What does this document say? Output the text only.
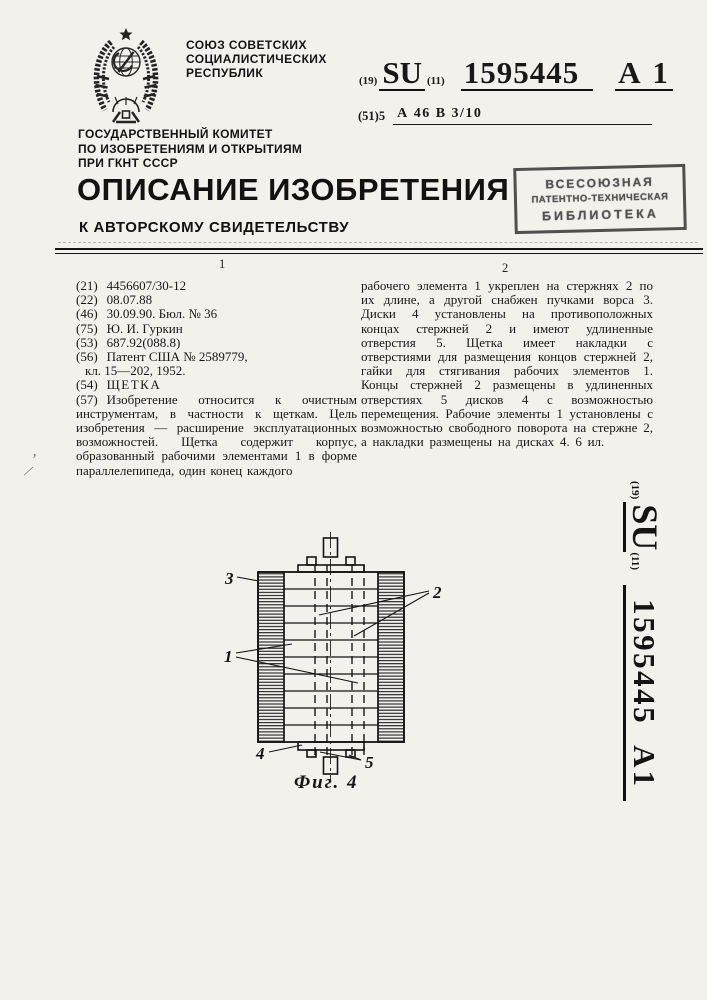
СОЮЗ СОВЕТСКИХ
СОЦИАЛИСТИЧЕСКИХ
РЕСПУБЛИК
ГОСУДАРСТВЕННЫЙ КОМИТЕТ
ПО ИЗОБРЕТЕНИЯМ И ОТКРЫТИЯМ
ПРИ ГКНТ СССР
(19) SU (11) 1595445	А 1
(51)5 А 46 В 3/10
ВСЕСОЮЗНАЯ
ПАТЕНТНО-ТЕХНИЧЕСКАЯ
БИБЛИОТЕКА
ОПИСАНИЕ ИЗОБРЕТЕНИЯ
К АВТОРСКОМУ СВИДЕТЕЛЬСТВУ
1	2
(21) 4456607/30-12
(22) 08.07.88
(46) 30.09.90. Бюл. № 36
(75) Ю. И. Гуркин
(53) 687.92(088.8)
(56) Патент США № 2589779,
кл. 15—202, 1952.
(54) ЩЕТКА

(57) Изобретение относится к очистным инструментам, в частности к щеткам. Цель изобретения — расширение эксплуатационных возможностей. Щетка содержит корпус, образованный рабочими элементами 1 в форме параллелепипеда, один конец каждого

рабочего элемента 1 укреплен на стержнях 2 по их длине, а другой снабжен пучками ворса 3. Диски 4 установлены на противоположных концах стержней 2 и имеют удлиненные отверстия 5. Щетка имеет накладки с отверстиями для размещения концов стержней 2, гайки для стягивания рабочих элементов 1. Концы стержней 2 размещены в удлиненных отверстиях 5 дисков 4 с возможностью перемещения. Рабочие элементы 1 установлены с возможностью свободного поворота на стержне 2, а накладки размещены на дисках 4. 6 ил.
3
2
1
4	5
Фиг. 4
(19)
SU
(11)
1595445А1
ʼ
⁄
